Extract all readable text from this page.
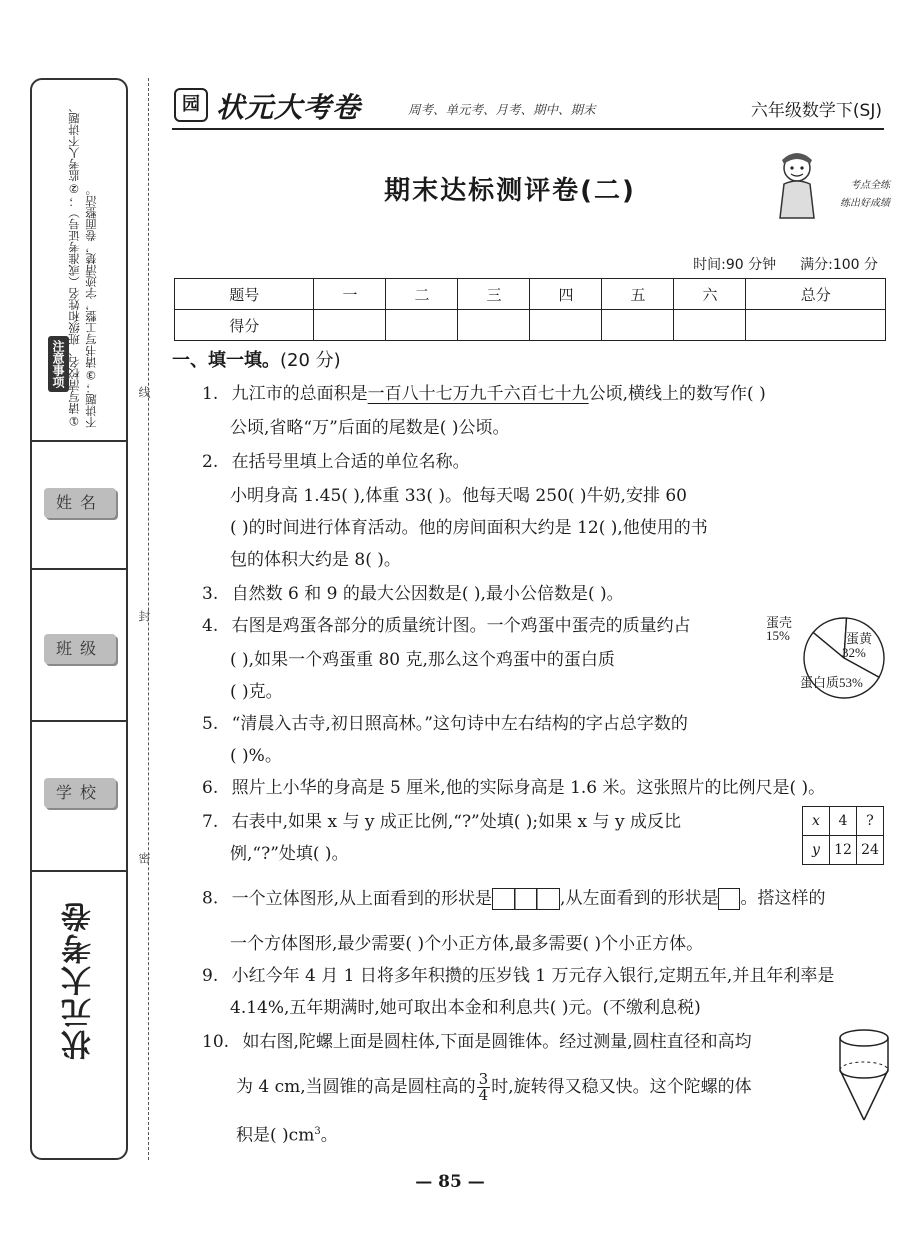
注意事项 ①请写清校名、班级和姓名（或准考证号）；②监考人不讲题、不讲题；③请书写工整，字迹清楚，卷面整洁。
姓名
班级
学校
状元大考卷
线
封
密
园 状元大考卷	周考、单元考、月考、期中、期末	六年级数学下(SJ)
期末达标测评卷(二)	考点全练
练出好成绩
时间:90 分钟 满分:100 分
题号	一	二	三	四	五	六	总分
得分							
一、填一填。(20 分)
1. 九江市的总面积是一百八十七万九千六百七十九公顷,横线上的数写作( )
公顷,省略“万”后面的尾数是( )公顷。
2. 在括号里填上合适的单位名称。
小明身高 1.45( ),体重 33( )。他每天喝 250( )牛奶,安排 60
( )的时间进行体育活动。他的房间面积大约是 12( ),他使用的书
包的体积大约是 8( )。
3. 自然数 6 和 9 的最大公因数是( ),最小公倍数是( )。
4. 右图是鸡蛋各部分的质量统计图。一个鸡蛋中蛋壳的质量约占
( ),如果一个鸡蛋重 80 克,那么这个鸡蛋中的蛋白质
( )克。
蛋壳
15%	蛋黄
32%
蛋白质53%
5. “清晨入古寺,初日照高林。”这句诗中左右结构的字占总字数的
( )%。
6. 照片上小华的身高是 5 厘米,他的实际身高是 1.6 米。这张照片的比例尺是( )。
7. 右表中,如果 x 与 y 成正比例,“?”处填( );如果 x 与 y 成反比
例,“?”处填( )。
x	4	?
y	12	24
8. 一个立体图形,从上面看到的形状是	,从左面看到的形状是 。搭这样的
一个方体图形,最少需要( )个小正方体,最多需要( )个小正方体。
9. 小红今年 4 月 1 日将多年积攒的压岁钱 1 万元存入银行,定期五年,并且年利率是
4.14%,五年期满时,她可取出本金和利息共( )元。(不缴利息税)
10. 如右图,陀螺上面是圆柱体,下面是圆锥体。经过测量,圆柱直径和高均
为 4 cm,当圆锥的高是圆柱高的 $\frac{3}{4}$ 时,旋转得又稳又快。这个陀螺的体
积是( )$cm^3$。
— 85 —
